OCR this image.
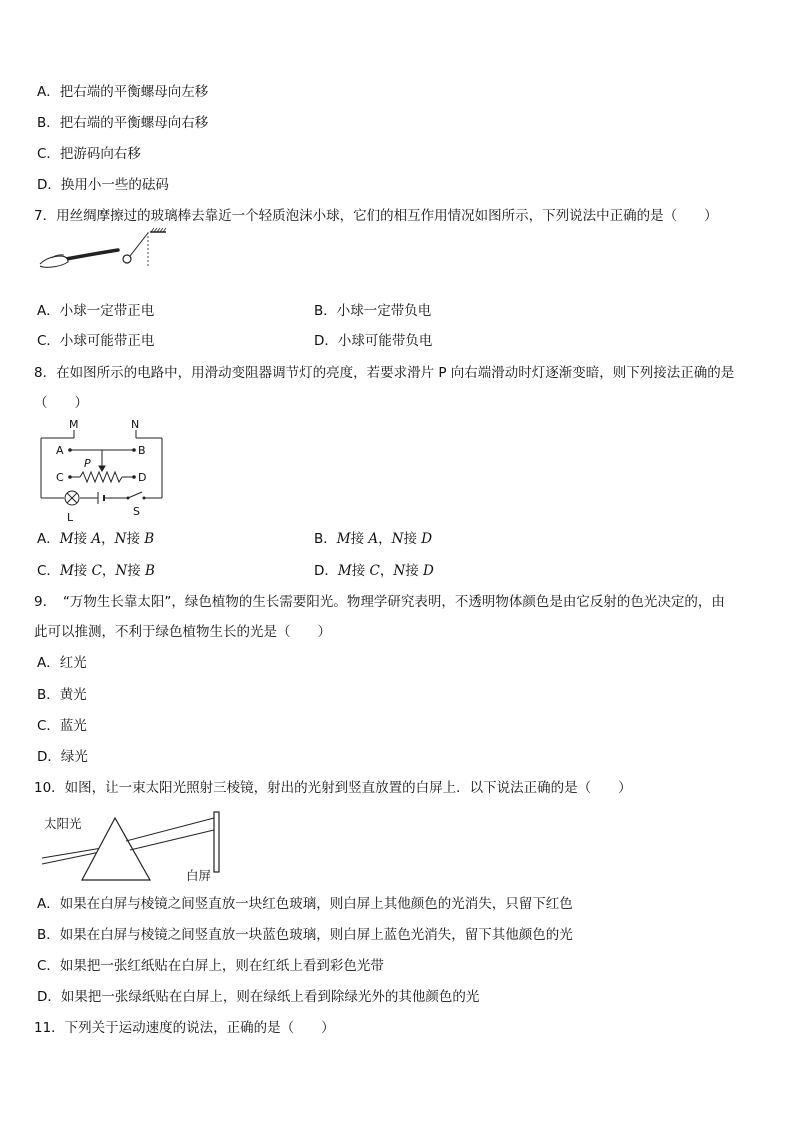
A．把右端的平衡螺母向左移
B．把右端的平衡螺母向右移
C．把游码向右移
D．换用小一些的砝码
7．用丝绸摩擦过的玻璃棒去靠近一个轻质泡沫小球，它们的相互作用情况如图所示，下列说法中正确的是（　　）
A．小球一定带正电	B．小球一定带负电
C．小球可能带正电	D．小球可能带负电
8．在如图所示的电路中，用滑动变阻器调节灯的亮度，若要求滑片 P 向右端滑动时灯逐渐变暗，则下列接法正确的是
（　　）
M	N
A	B
C	D
P
L	S
A．M接 A，N接 B	B．M接 A，N接 D
C．M接 C，N接 B	D．M接 C，N接 D
9．　“万物生长靠太阳”，绿色植物的生长需要阳光。物理学研究表明，不透明物体颜色是由它反射的色光决定的，由
此可以推测，不利于绿色植物生长的光是（　　）
A．红光
B．黄光
C．蓝光
D．绿光
10．如图，让一束太阳光照射三棱镜，射出的光射到竖直放置的白屏上．以下说法正确的是（　　）
太阳光
白屏
A．如果在白屏与棱镜之间竖直放一块红色玻璃，则白屏上其他颜色的光消失，只留下红色
B．如果在白屏与棱镜之间竖直放一块蓝色玻璃，则白屏上蓝色光消失，留下其他颜色的光
C．如果把一张红纸贴在白屏上，则在红纸上看到彩色光带
D．如果把一张绿纸贴在白屏上，则在绿纸上看到除绿光外的其他颜色的光
11．下列关于运动速度的说法，正确的是（　　）
